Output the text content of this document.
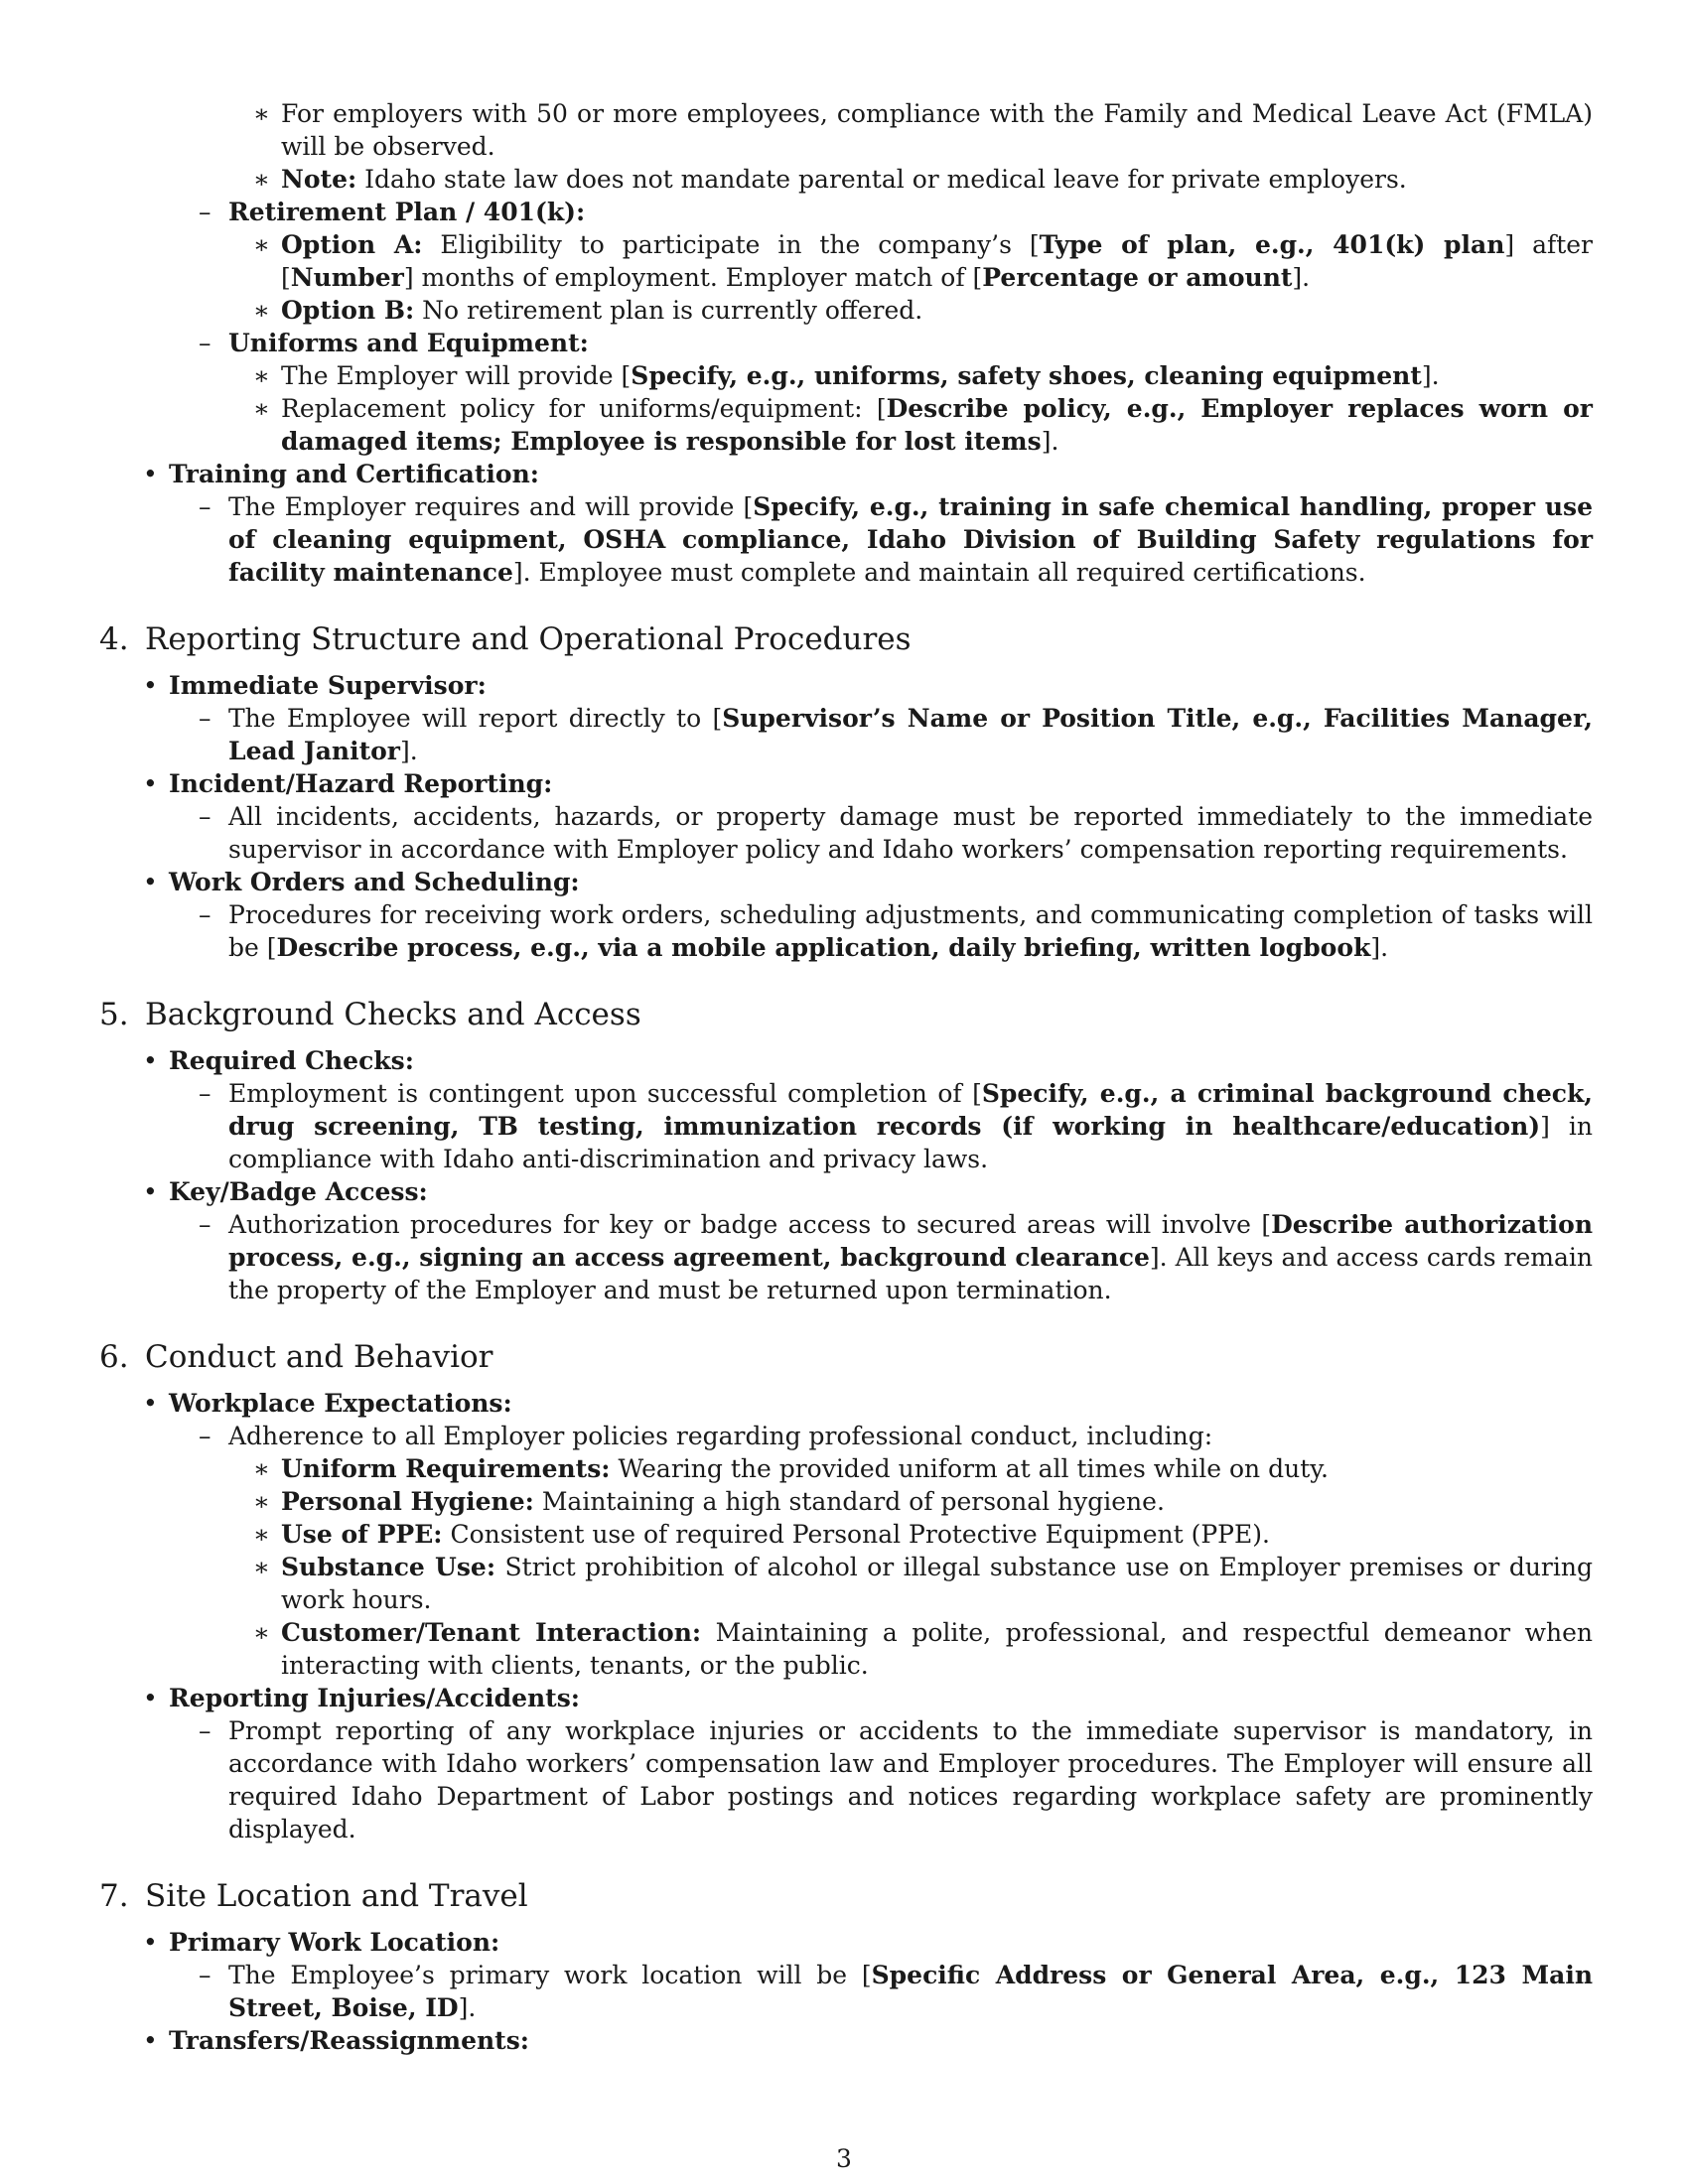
∗ For employers with 50 or more employees, compliance with the Family and Medical Leave Act (FMLA) will be observed.
∗ Note: Idaho state law does not mandate parental or medical leave for private employers.
– Retirement Plan / 401(k):
∗ Option A: Eligibility to participate in the company’s [Type of plan, e.g., 401(k) plan] after [Number] months of employment. Employer match of [Percentage or amount].
∗ Option B: No retirement plan is currently offered.
– Uniforms and Equipment:
∗ The Employer will provide [Specify, e.g., uniforms, safety shoes, cleaning equipment].
∗ Replacement policy for uniforms/equipment: [Describe policy, e.g., Employer replaces worn or damaged items; Employee is responsible for lost items].
• Training and Certification:
– The Employer requires and will provide [Specify, e.g., training in safe chemical handling, proper use of cleaning equipment, OSHA compliance, Idaho Division of Building Safety regulations for facility maintenance]. Employee must complete and maintain all required certifications.
4. Reporting Structure and Operational Procedures
• Immediate Supervisor:
– The Employee will report directly to [Supervisor’s Name or Position Title, e.g., Facilities Manager, Lead Janitor].
• Incident/Hazard Reporting:
– All incidents, accidents, hazards, or property damage must be reported immediately to the immediate supervisor in accordance with Employer policy and Idaho workers’ compensation reporting requirements.
• Work Orders and Scheduling:
– Procedures for receiving work orders, scheduling adjustments, and communicating completion of tasks will be [Describe process, e.g., via a mobile application, daily briefing, written logbook].
5. Background Checks and Access
• Required Checks:
– Employment is contingent upon successful completion of [Specify, e.g., a criminal background check, drug screening, TB testing, immunization records (if working in healthcare/education)] in compliance with Idaho anti-discrimination and privacy laws.
• Key/Badge Access:
– Authorization procedures for key or badge access to secured areas will involve [Describe authorization process, e.g., signing an access agreement, background clearance]. All keys and access cards remain the property of the Employer and must be returned upon termination.
6. Conduct and Behavior
• Workplace Expectations:
– Adherence to all Employer policies regarding professional conduct, including:
∗ Uniform Requirements: Wearing the provided uniform at all times while on duty.
∗ Personal Hygiene: Maintaining a high standard of personal hygiene.
∗ Use of PPE: Consistent use of required Personal Protective Equipment (PPE).
∗ Substance Use: Strict prohibition of alcohol or illegal substance use on Employer premises or during work hours.
∗ Customer/Tenant Interaction: Maintaining a polite, professional, and respectful demeanor when interacting with clients, tenants, or the public.
• Reporting Injuries/Accidents:
– Prompt reporting of any workplace injuries or accidents to the immediate supervisor is mandatory, in accordance with Idaho workers’ compensation law and Employer procedures. The Employer will ensure all required Idaho Department of Labor postings and notices regarding workplace safety are prominently displayed.
7. Site Location and Travel
• Primary Work Location:
– The Employee’s primary work location will be [Specific Address or General Area, e.g., 123 Main Street, Boise, ID].
• Transfers/Reassignments:
3
